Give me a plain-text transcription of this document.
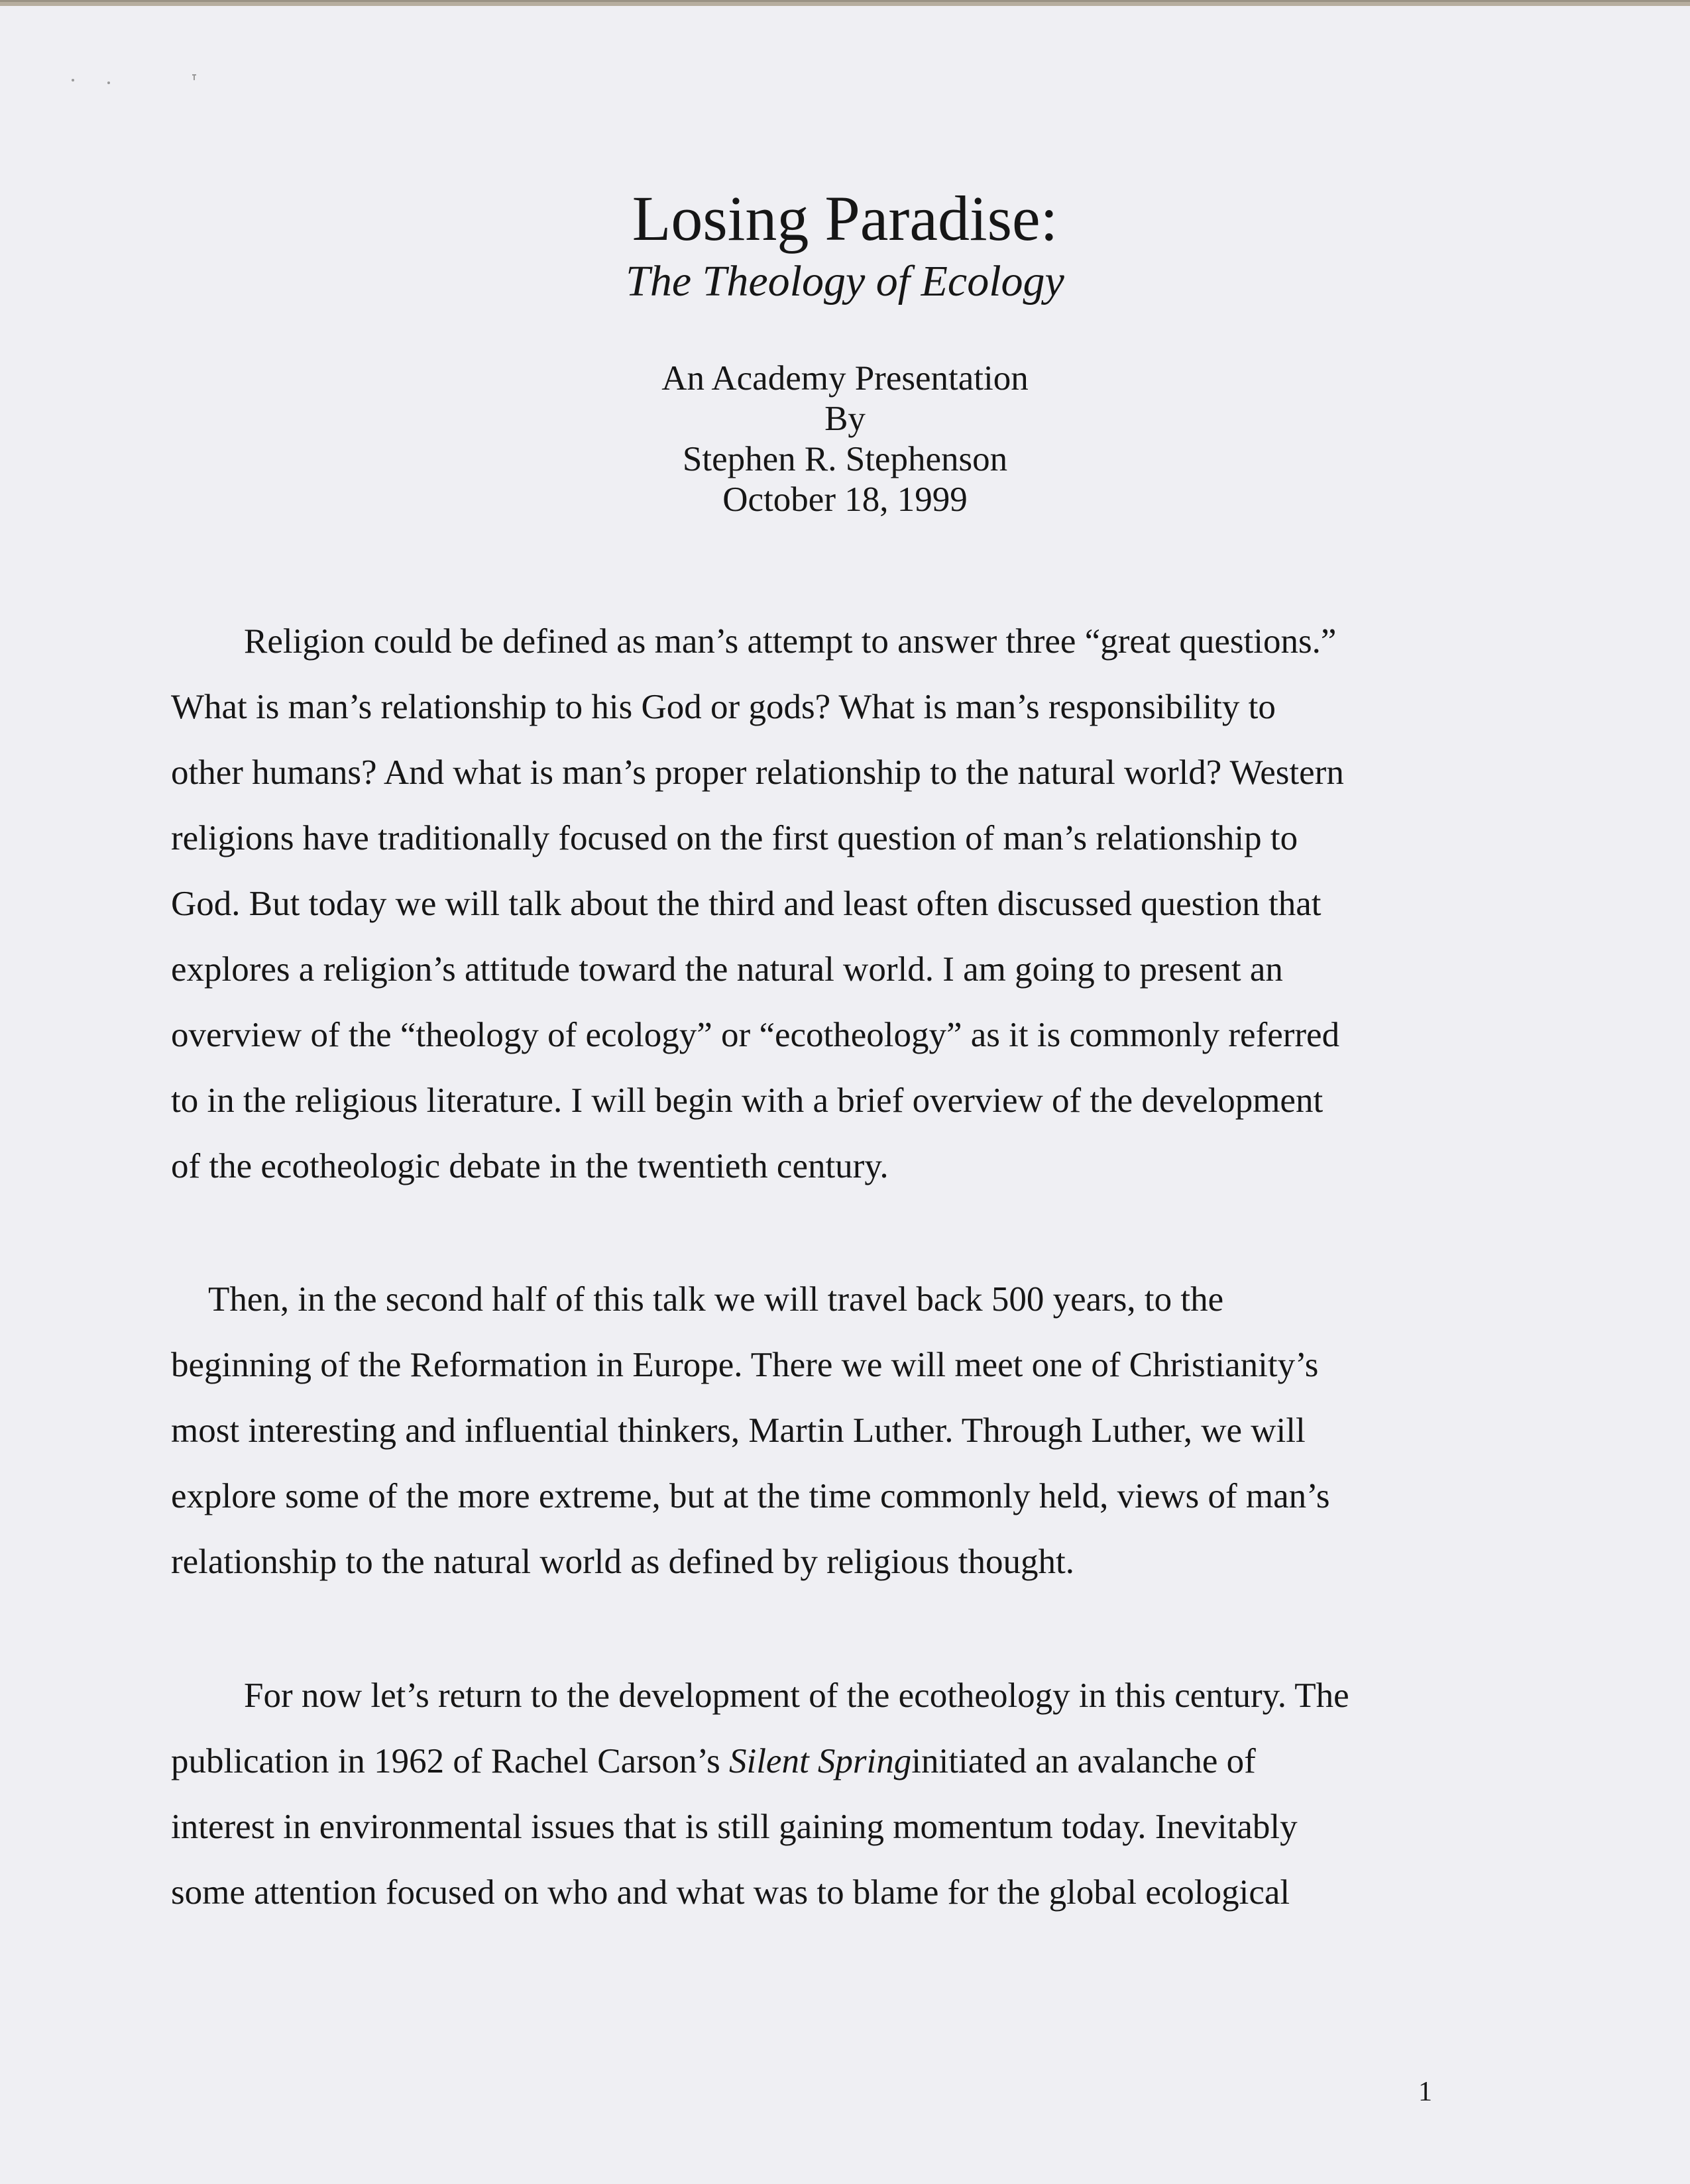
Losing Paradise:
The Theology of Ecology
An Academy Presentation
By
Stephen R. Stephenson
October 18, 1999
Religion could be defined as man’s attempt to answer three “great questions.”
What is man’s relationship to his God or gods? What is man’s responsibility to
other humans? And what is man’s proper relationship to the natural world? Western
religions have traditionally focused on the first question of man’s relationship to
God. But today we will talk about the third and least often discussed question that
explores a religion’s attitude toward the natural world. I am going to present an
overview of the “theology of ecology” or “ecotheology” as it is commonly referred
to in the religious literature. I will begin with a brief overview of the development
of the ecotheologic debate in the twentieth century.
Then, in the second half of this talk we will travel back 500 years, to the
beginning of the Reformation in Europe. There we will meet one of Christianity’s
most interesting and influential thinkers, Martin Luther. Through Luther, we will
explore some of the more extreme, but at the time commonly held, views of man’s
relationship to the natural world as defined by religious thought.
For now let’s return to the development of the ecotheology in this century. The
publication in 1962 of Rachel Carson’s Silent Springinitiated an avalanche of
interest in environmental issues that is still gaining momentum today. Inevitably
some attention focused on who and what was to blame for the global ecological
1
